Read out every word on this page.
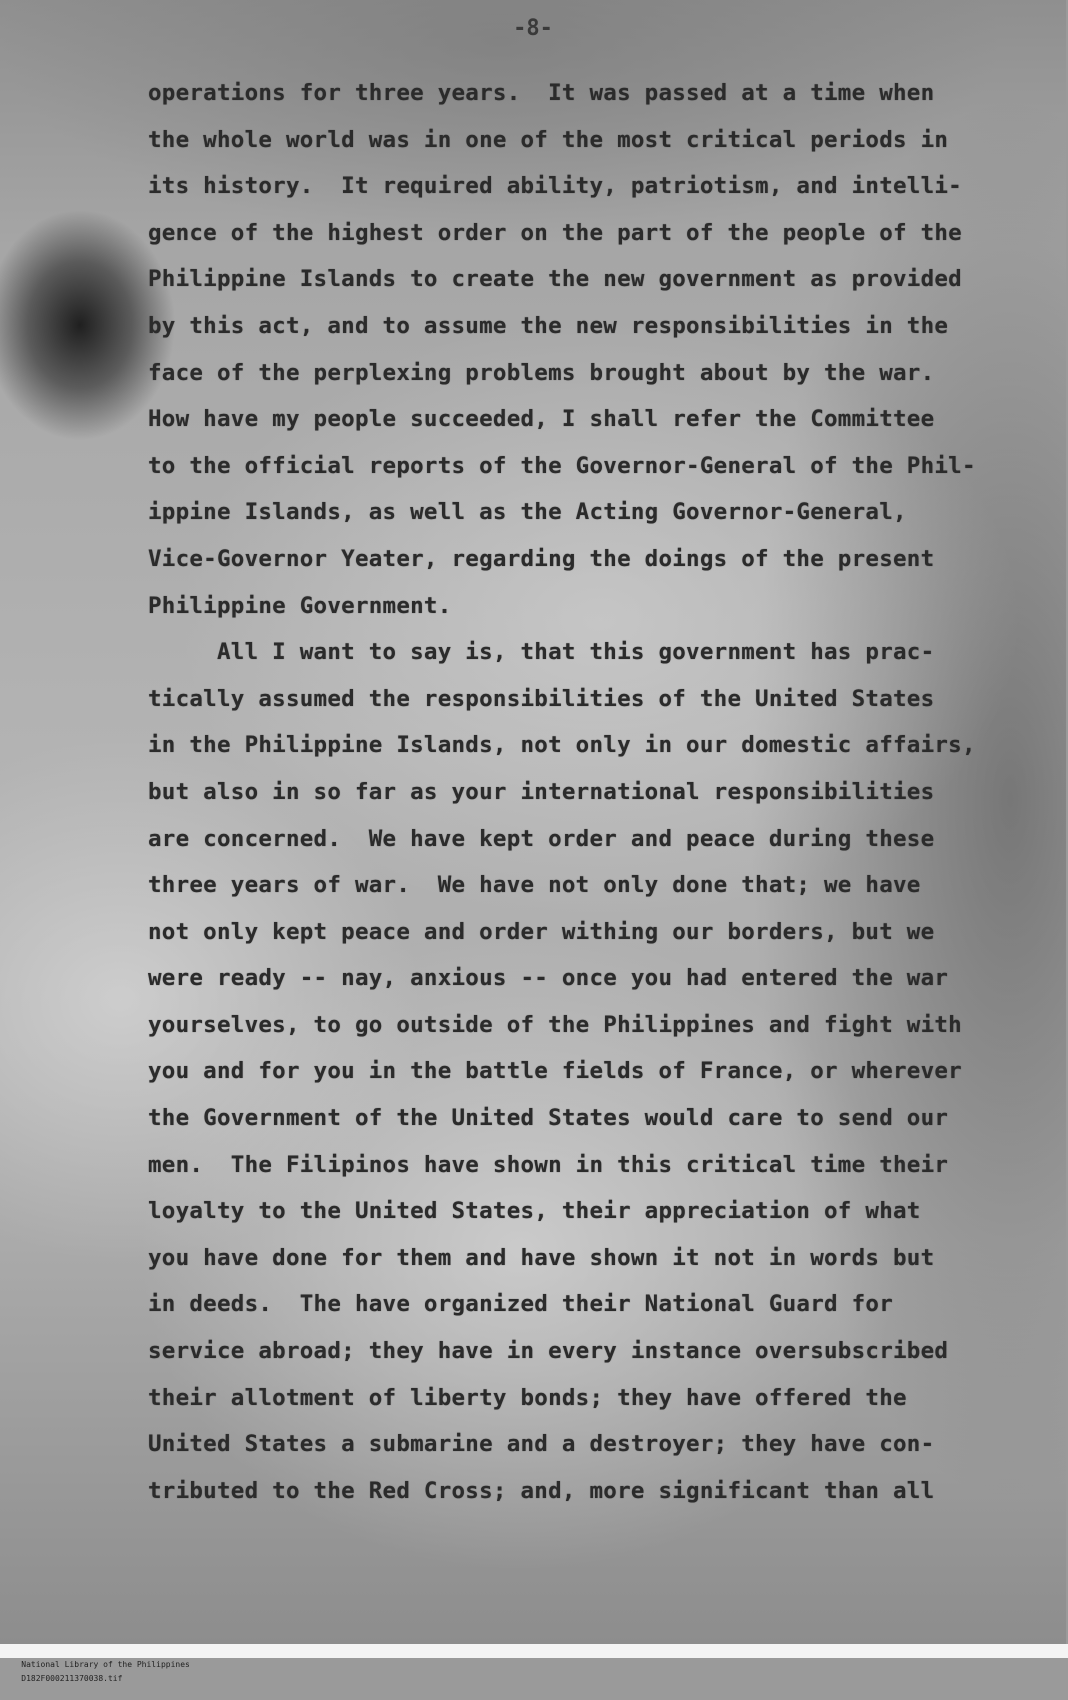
-8-

operations for three years.  It was passed at a time when
the whole world was in one of the most critical periods in
its history.  It required ability, patriotism, and intelli-
gence of the highest order on the part of the people of the
Philippine Islands to create the new government as provided
by this act, and to assume the new responsibilities in the
face of the perplexing problems brought about by the war.
How have my people succeeded, I shall refer the Committee
to the official reports of the Governor-General of the Phil-
ippine Islands, as well as the Acting Governor-General,
Vice-Governor Yeater, regarding the doings of the present
Philippine Government.
All I want to say is, that this government has prac-
tically assumed the responsibilities of the United States
in the Philippine Islands, not only in our domestic affairs,
but also in so far as your international responsibilities
are concerned.  We have kept order and peace during these
three years of war.  We have not only done that; we have
not only kept peace and order withing our borders, but we
were ready -- nay, anxious -- once you had entered the war
yourselves, to go outside of the Philippines and fight with
you and for you in the battle fields of France, or wherever
the Government of the United States would care to send our
men.  The Filipinos have shown in this critical time their
loyalty to the United States, their appreciation of what
you have done for them and have shown it not in words but
in deeds.  The have organized their National Guard for
service abroad; they have in every instance oversubscribed
their allotment of liberty bonds; they have offered the
United States a submarine and a destroyer; they have con-
tributed to the Red Cross; and, more significant than all

National Library of the Philippines
D182F000211370038.tif
